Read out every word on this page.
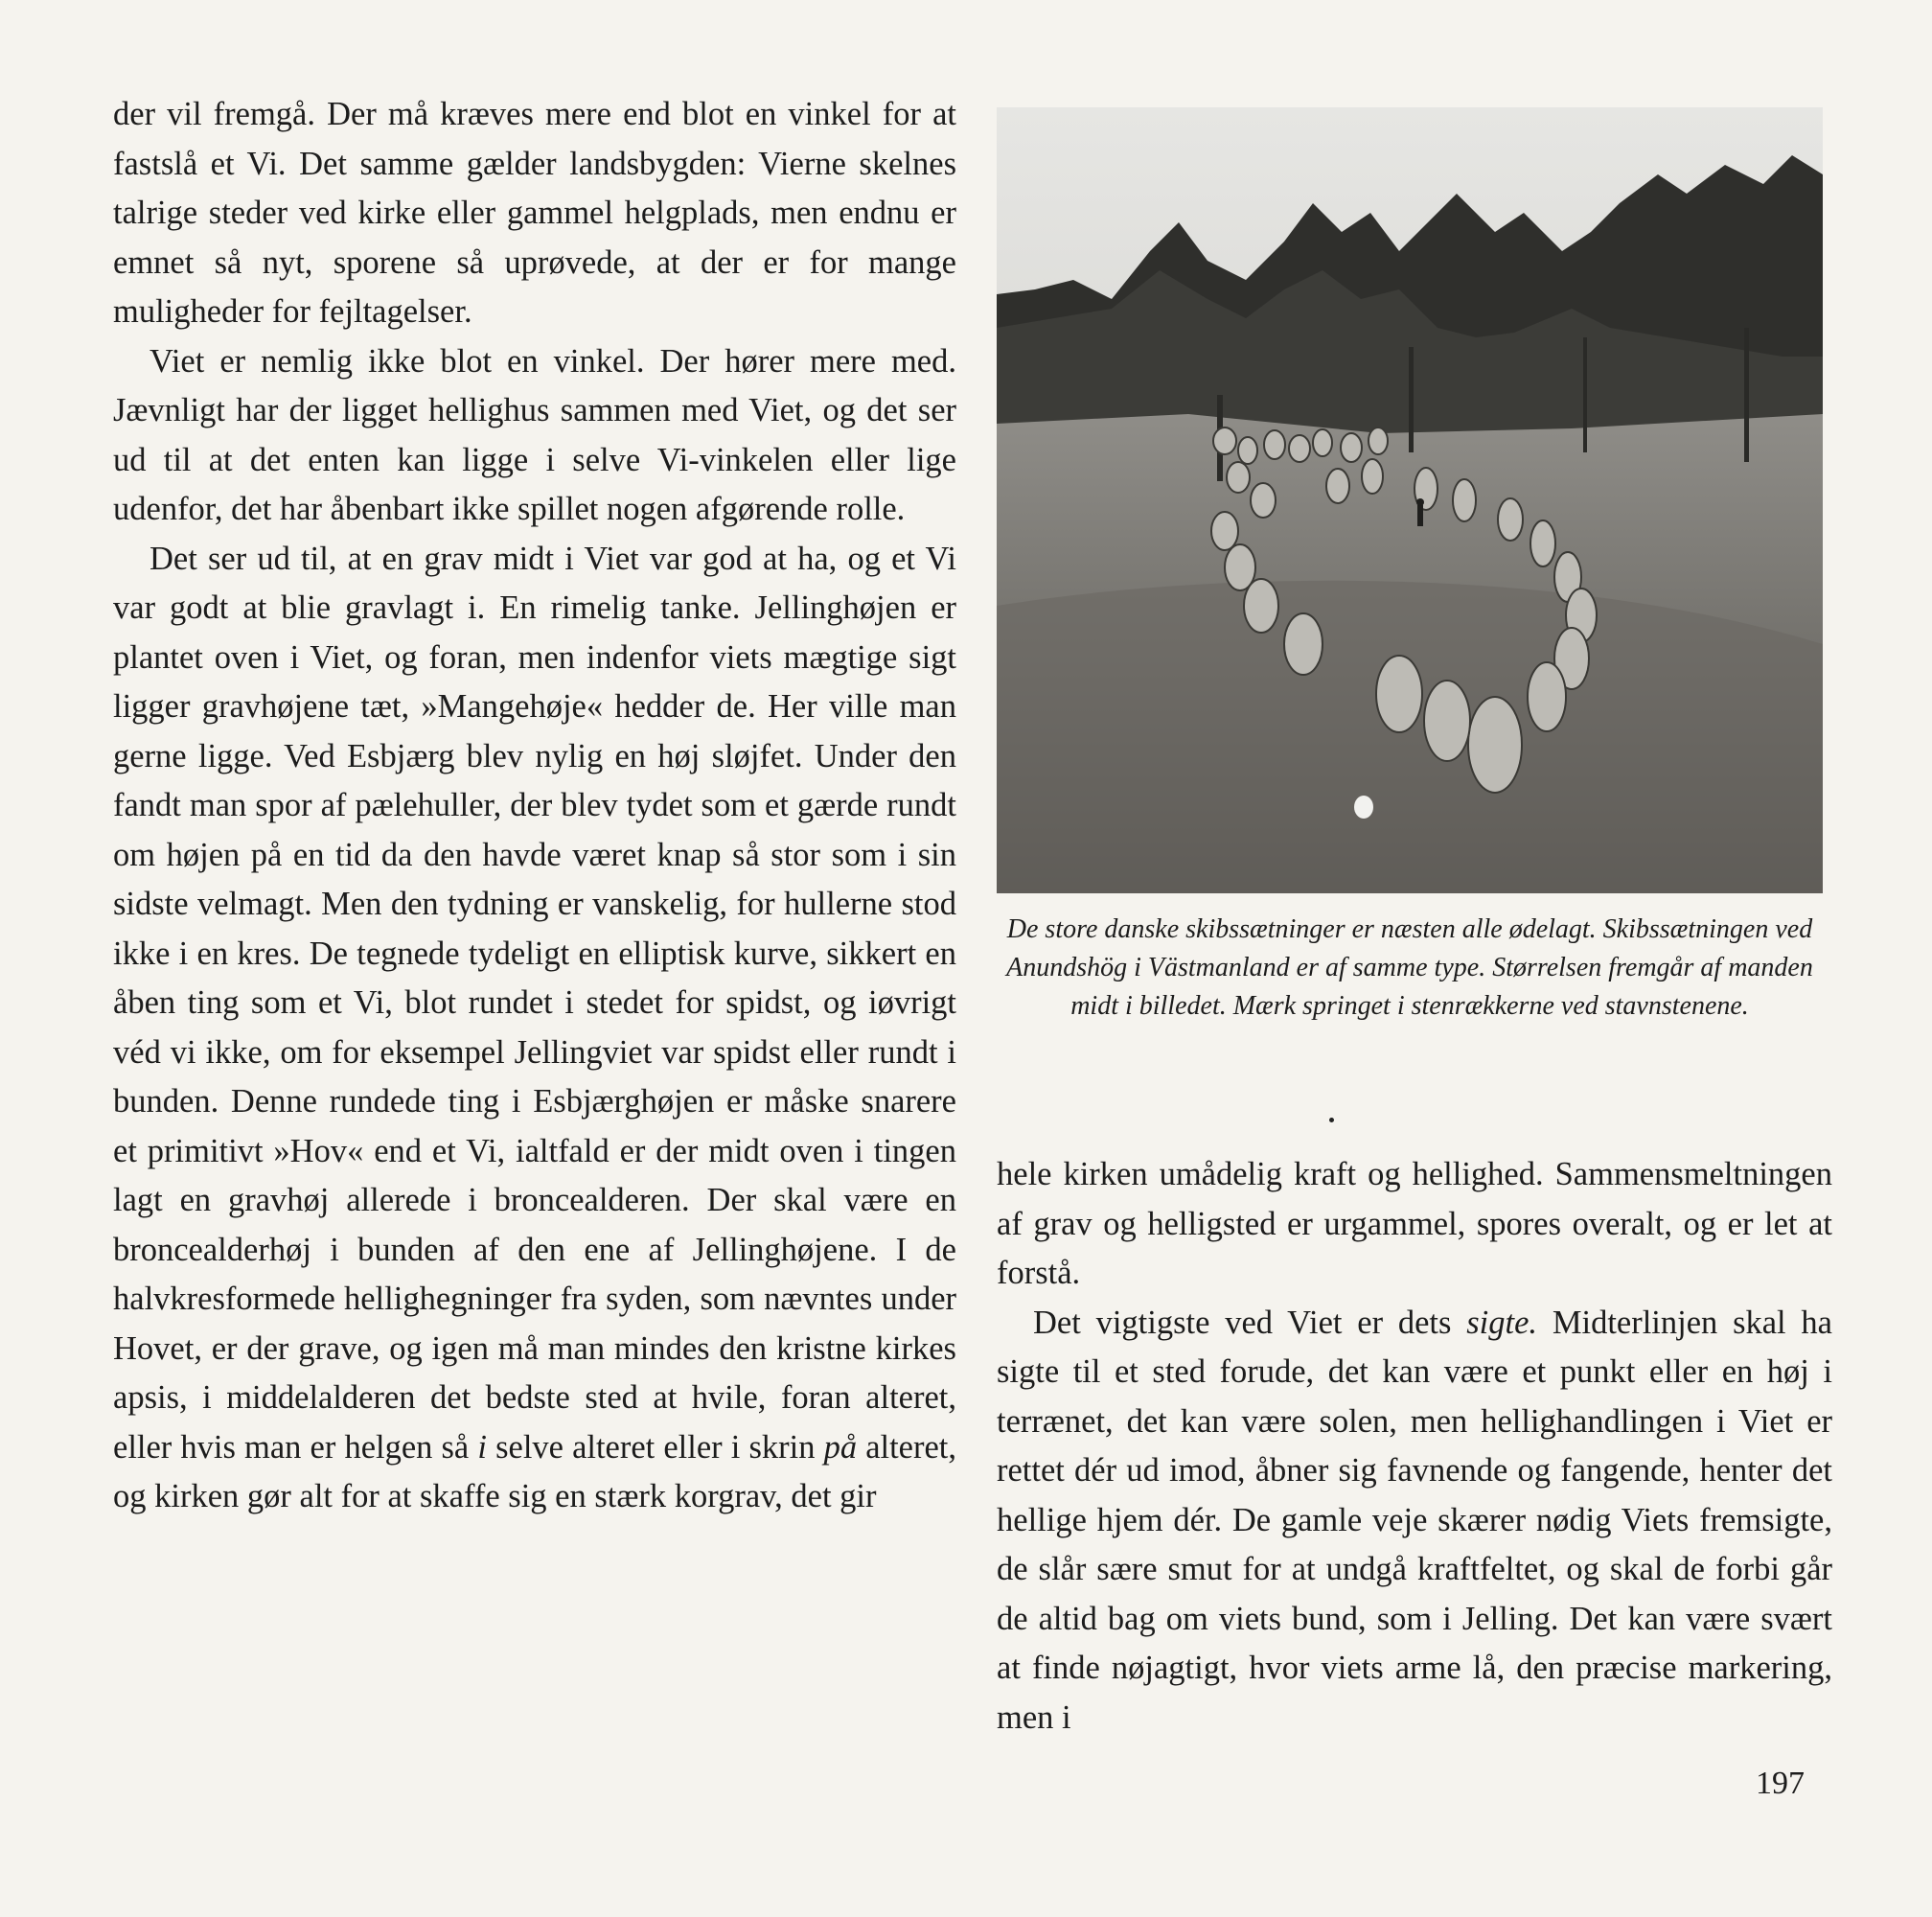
der vil fremgå. Der må kræves mere end blot en vinkel for at fastslå et Vi. Det samme gælder landsbygden: Vierne skelnes talrige steder ved kirke eller gammel helgplads, men endnu er emnet så nyt, sporene så uprøvede, at der er for mange muligheder for fejltagelser.

Viet er nemlig ikke blot en vinkel. Der hører mere med. Jævnligt har der ligget hellighus sammen med Viet, og det ser ud til at det enten kan ligge i selve Vi-vinkelen eller lige udenfor, det har åbenbart ikke spillet nogen afgørende rolle.

Det ser ud til, at en grav midt i Viet var god at ha, og et Vi var godt at blie gravlagt i. En rimelig tanke. Jellinghøjen er plantet oven i Viet, og foran, men indenfor viets mægtige sigt ligger gravhøjene tæt, »Mangehøje« hedder de. Her ville man gerne ligge. Ved Esbjærg blev nylig en høj sløjfet. Under den fandt man spor af pælehuller, der blev tydet som et gærde rundt om højen på en tid da den havde været knap så stor som i sin sidste velmagt. Men den tydning er vanskelig, for hullerne stod ikke i en kres. De tegnede tydeligt en elliptisk kurve, sikkert en åben ting som et Vi, blot rundet i stedet for spidst, og iøvrigt véd vi ikke, om for eksempel Jellingviet var spidst eller rundt i bunden. Denne rundede ting i Esbjærghøjen er måske snarere et primitivt »Hov« end et Vi, ialtfald er der midt oven i tingen lagt en gravhøj allerede i broncealderen. Der skal være en broncealderhøj i bunden af den ene af Jellinghøjene. I de halvkresformede hellighegninger fra syden, som nævntes under Hovet, er der grave, og igen må man mindes den kristne kirkes apsis, i middelalderen det bedste sted at hvile, foran alteret, eller hvis man er helgen så i selve alteret eller i skrin på alteret, og kirken gør alt for at skaffe sig en stærk korgrav, det gir

De store danske skibssætninger er næsten alle ødelagt. Skibssætningen ved Anundshög i Västmanland er af samme type. Størrelsen fremgår af manden midt i billedet. Mærk springet i stenrækkerne ved stavnstenene.

hele kirken umådelig kraft og hellighed. Sammensmeltningen af grav og helligsted er urgammel, spores overalt, og er let at forstå.

Det vigtigste ved Viet er dets sigte. Midterlinjen skal ha sigte til et sted forude, det kan være et punkt eller en høj i terrænet, det kan være solen, men hellighandlingen i Viet er rettet dér ud imod, åbner sig favnende og fangende, henter det hellige hjem dér. De gamle veje skærer nødig Viets fremsigte, de slår sære smut for at undgå kraftfeltet, og skal de forbi går de altid bag om viets bund, som i Jelling. Det kan være svært at finde nøjagtigt, hvor viets arme lå, den præcise markering, men i

197
